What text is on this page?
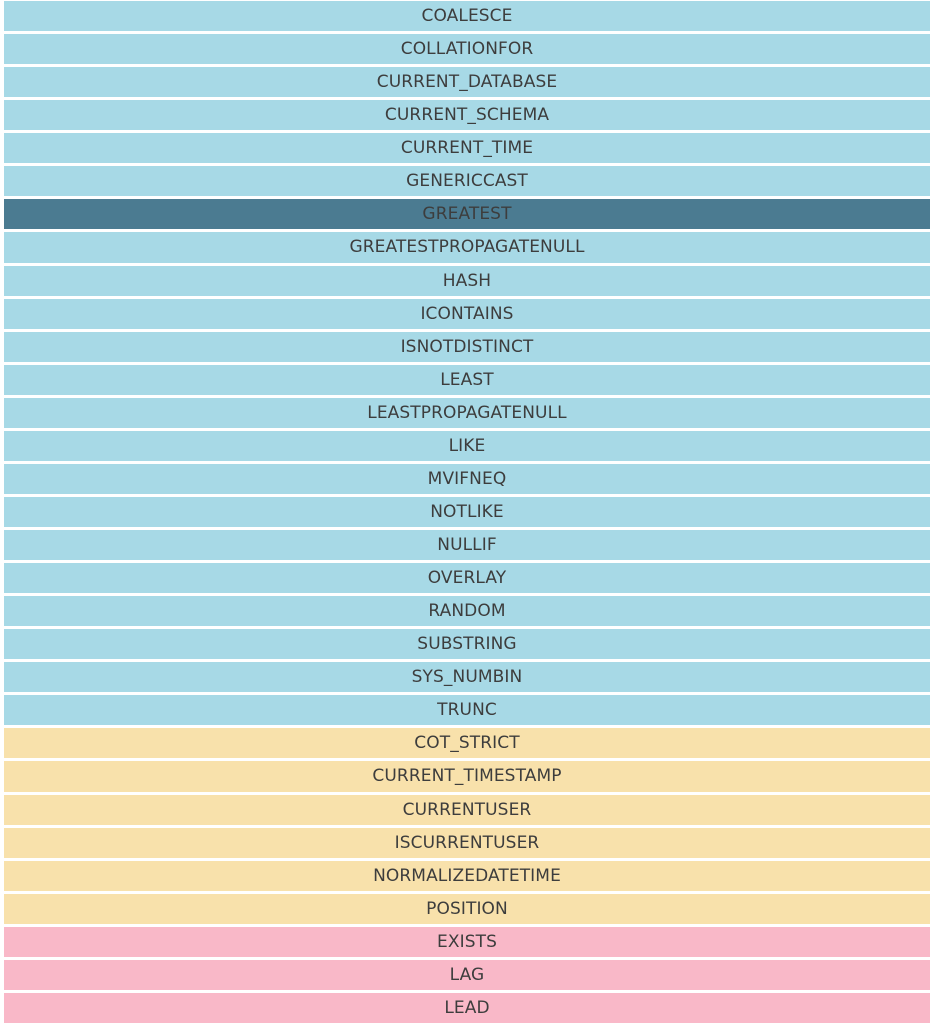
COALESCE
COLLATIONFOR
CURRENT_DATABASE
CURRENT_SCHEMA
CURRENT_TIME
GENERICCAST
GREATEST
GREATESTPROPAGATENULL
HASH
ICONTAINS
ISNOTDISTINCT
LEAST
LEASTPROPAGATENULL
LIKE
MVIFNEQ
NOTLIKE
NULLIF
OVERLAY
RANDOM
SUBSTRING
SYS_NUMBIN
TRUNC
COT_STRICT
CURRENT_TIMESTAMP
CURRENTUSER
ISCURRENTUSER
NORMALIZEDATETIME
POSITION
EXISTS
LAG
LEAD
